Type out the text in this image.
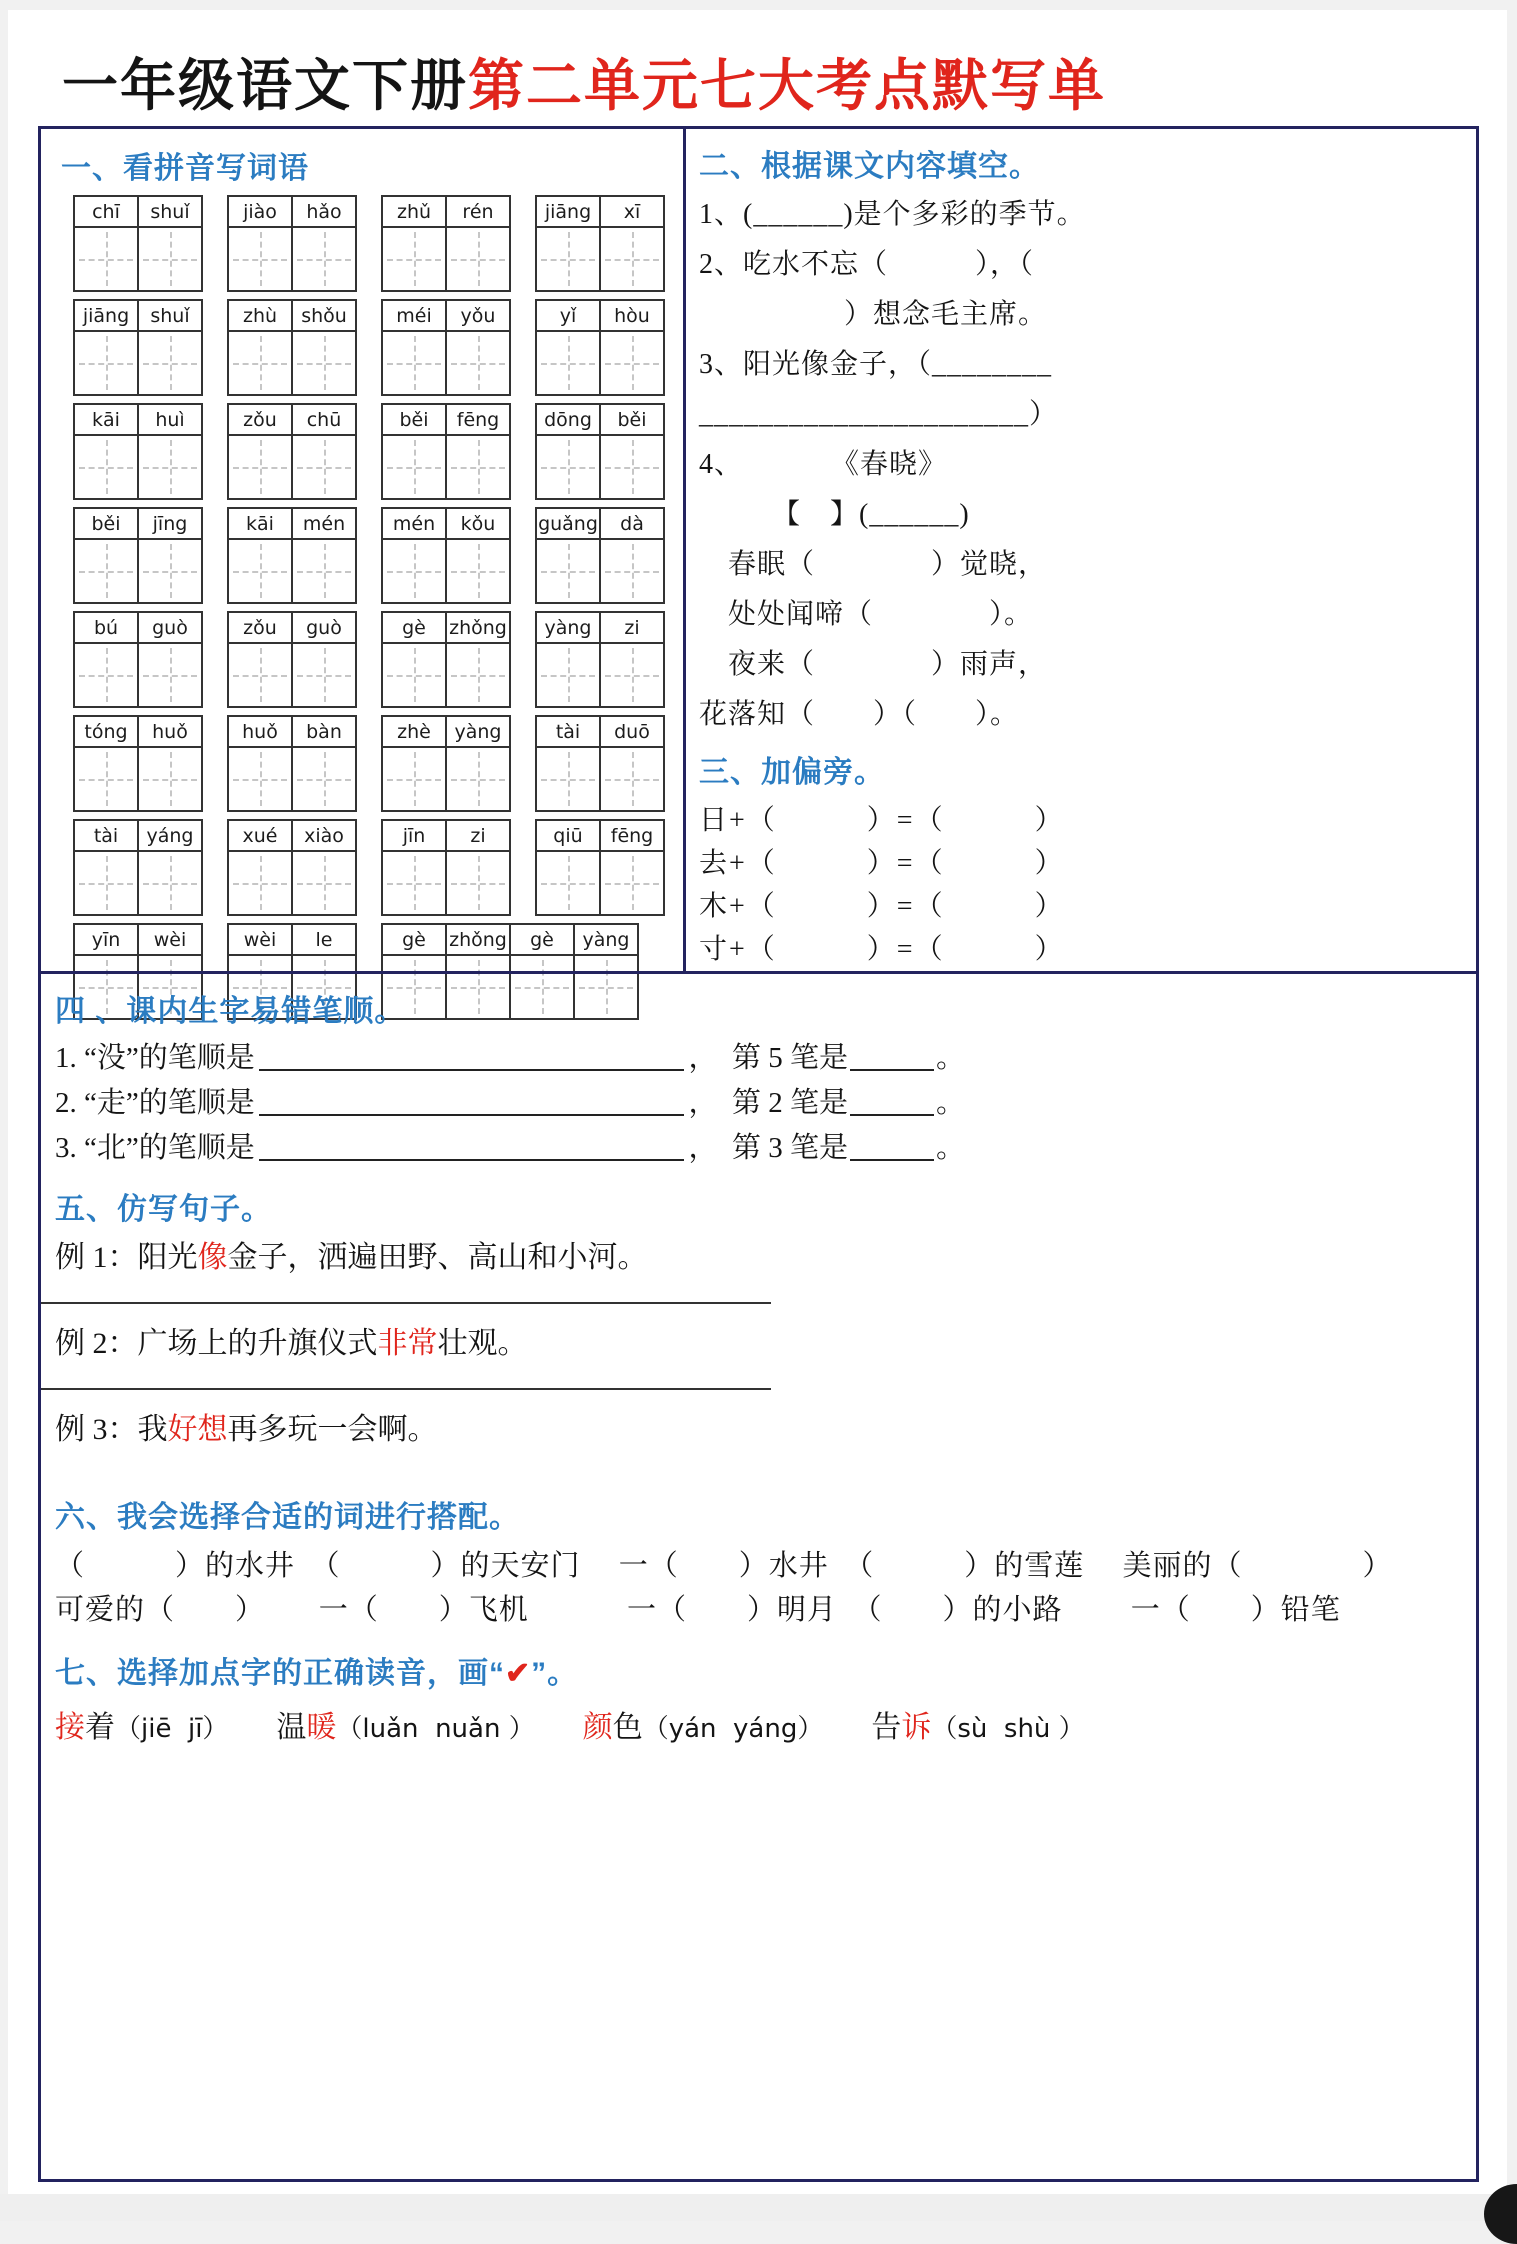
一年级语文下册第二单元七大考点默写单
一、看拼音写词语
chī	shuǐ	jiào	hǎo	zhǔ	rén	jiāng	xī
jiāng	shuǐ	zhù	shǒu	méi	yǒu	yǐ	hòu
kāi	huì	zǒu	chū	běi	fēng	dōng	běi
běi	jīng	kāi	mén	mén	kǒu	guǎng	dà
bú	guò	zǒu	guò	gè	zhǒng	yàng	zi
tóng	huǒ	huǒ	bàn	zhè	yàng	tài	duō
tài	yáng	xué	xiào	jīn	zi	qiū	fēng
yīn	wèi	wèi	le	gè	zhǒng	gè	yàng
二、根据课文内容填空。
1、(______)是个多彩的季节。
2、吃水不忘（　　　），（
　　　　　）想念毛主席。
3、阳光像金子，（________
______________________）
4、　　　　《春晓》
　　　【　】(______)
　春眠（　　　　）觉晓，
　处处闻啼（　　　　）。
　夜来（　　　　）雨声，
花落知（　　）（　　）。
三、加偏旁。
日+（　　　）=（　　　）
去+（　　　）=（　　　）
木+（　　　）=（　　　）
寸+（　　　）=（　　　）
四 、课内生字易错笔顺。
1. “没”的笔顺是	，  第 5 笔是	。
2. “走”的笔顺是	，  第 2 笔是	。
3. “北”的笔顺是	，  第 3 笔是	。
五、仿写句子。
例 1：阳光像金子，洒遍田野、高山和小河。
例 2：广场上的升旗仪式非常壮观。
例 3：我好想再多玩一会啊。
六、我会选择合适的词进行搭配。
（　　　）的水井　（　　　）的天安门　 一（　　）水井　（　　　）的雪莲　 美丽的（　　　　）
可爱的（　　）　　 一（　　）飞机　　　 一（　　）明月　（　　）的小路　　 一（　　）铅笔
七、选择加点字的正确读音，画“✔”。
接着（jiē  jī） 温暖（luǎn  nuǎn ） 颜色（yán  yáng） 告诉（sù  shù ）
